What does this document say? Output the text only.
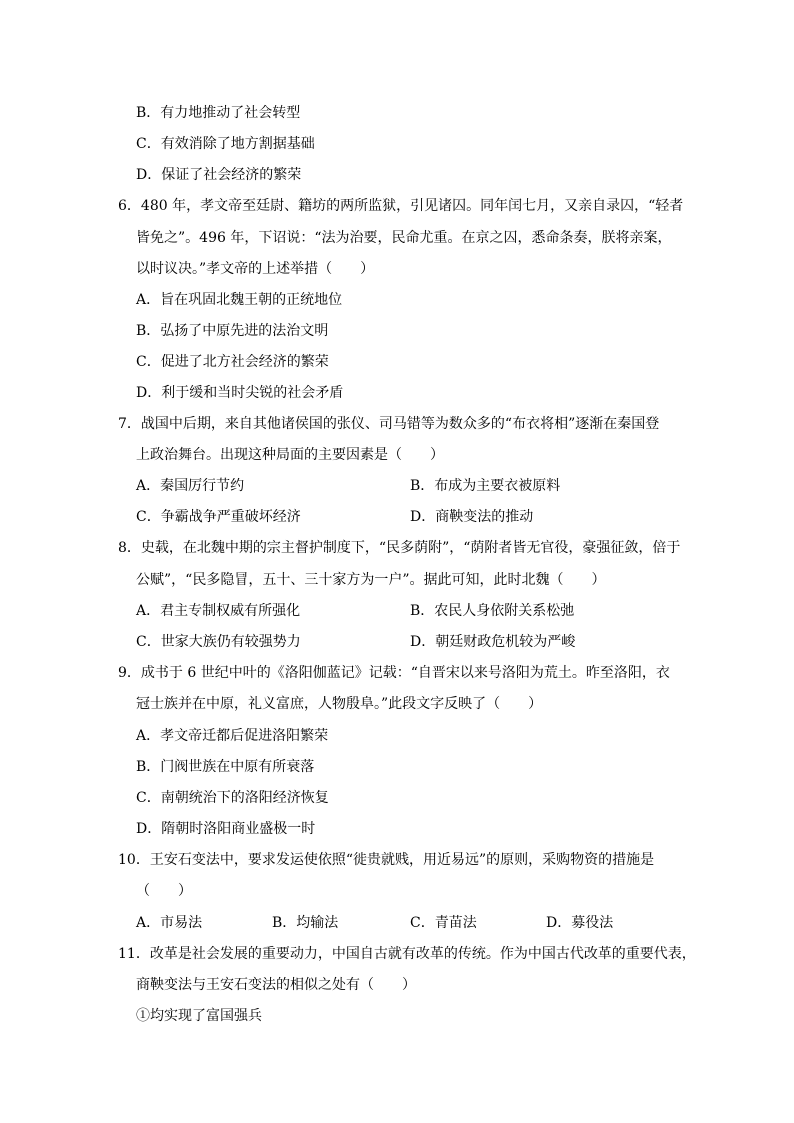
B．有力地推动了社会转型
C．有效消除了地方割据基础
D．保证了社会经济的繁荣
6．480 年，孝文帝至廷尉、籍坊的两所监狱，引见诸囚。同年闰七月，又亲自录囚，“轻者
皆免之”。496 年，下诏说：“法为治要，民命尤重。在京之囚，悉命条奏，朕将亲案，
以时议决。”孝文帝的上述举措（　　）
A．旨在巩固北魏王朝的正统地位
B．弘扬了中原先进的法治文明
C．促进了北方社会经济的繁荣
D．利于缓和当时尖锐的社会矛盾
7．战国中后期，来自其他诸侯国的张仪、司马错等为数众多的“布衣将相”逐渐在秦国登
上政治舞台。出现这种局面的主要因素是（　　）
A．秦国厉行节约	B．布成为主要衣被原料
C．争霸战争严重破坏经济	D．商鞅变法的推动
8．史载，在北魏中期的宗主督护制度下，“民多荫附”，“荫附者皆无官役，豪强征敛，倍于
公赋”，“民多隐冒，五十、三十家方为一户”。据此可知，此时北魏（　　）
A．君主专制权威有所强化	B．农民人身依附关系松弛
C．世家大族仍有较强势力	D．朝廷财政危机较为严峻
9．成书于 6 世纪中叶的《洛阳伽蓝记》记载：“自晋宋以来号洛阳为荒土。昨至洛阳，衣
冠士族并在中原，礼义富庶，人物殷阜。”此段文字反映了（　　）
A．孝文帝迁都后促进洛阳繁荣
B．门阀世族在中原有所衰落
C．南朝统治下的洛阳经济恢复
D．隋朝时洛阳商业盛极一时
10．王安石变法中，要求发运使依照“徙贵就贱，用近易远”的原则，采购物资的措施是
（　　）
A．市易法	B．均输法	C．青苗法	D．募役法
11．改革是社会发展的重要动力，中国自古就有改革的传统。作为中国古代改革的重要代表，
商鞅变法与王安石变法的相似之处有（　　）
①均实现了富国强兵
